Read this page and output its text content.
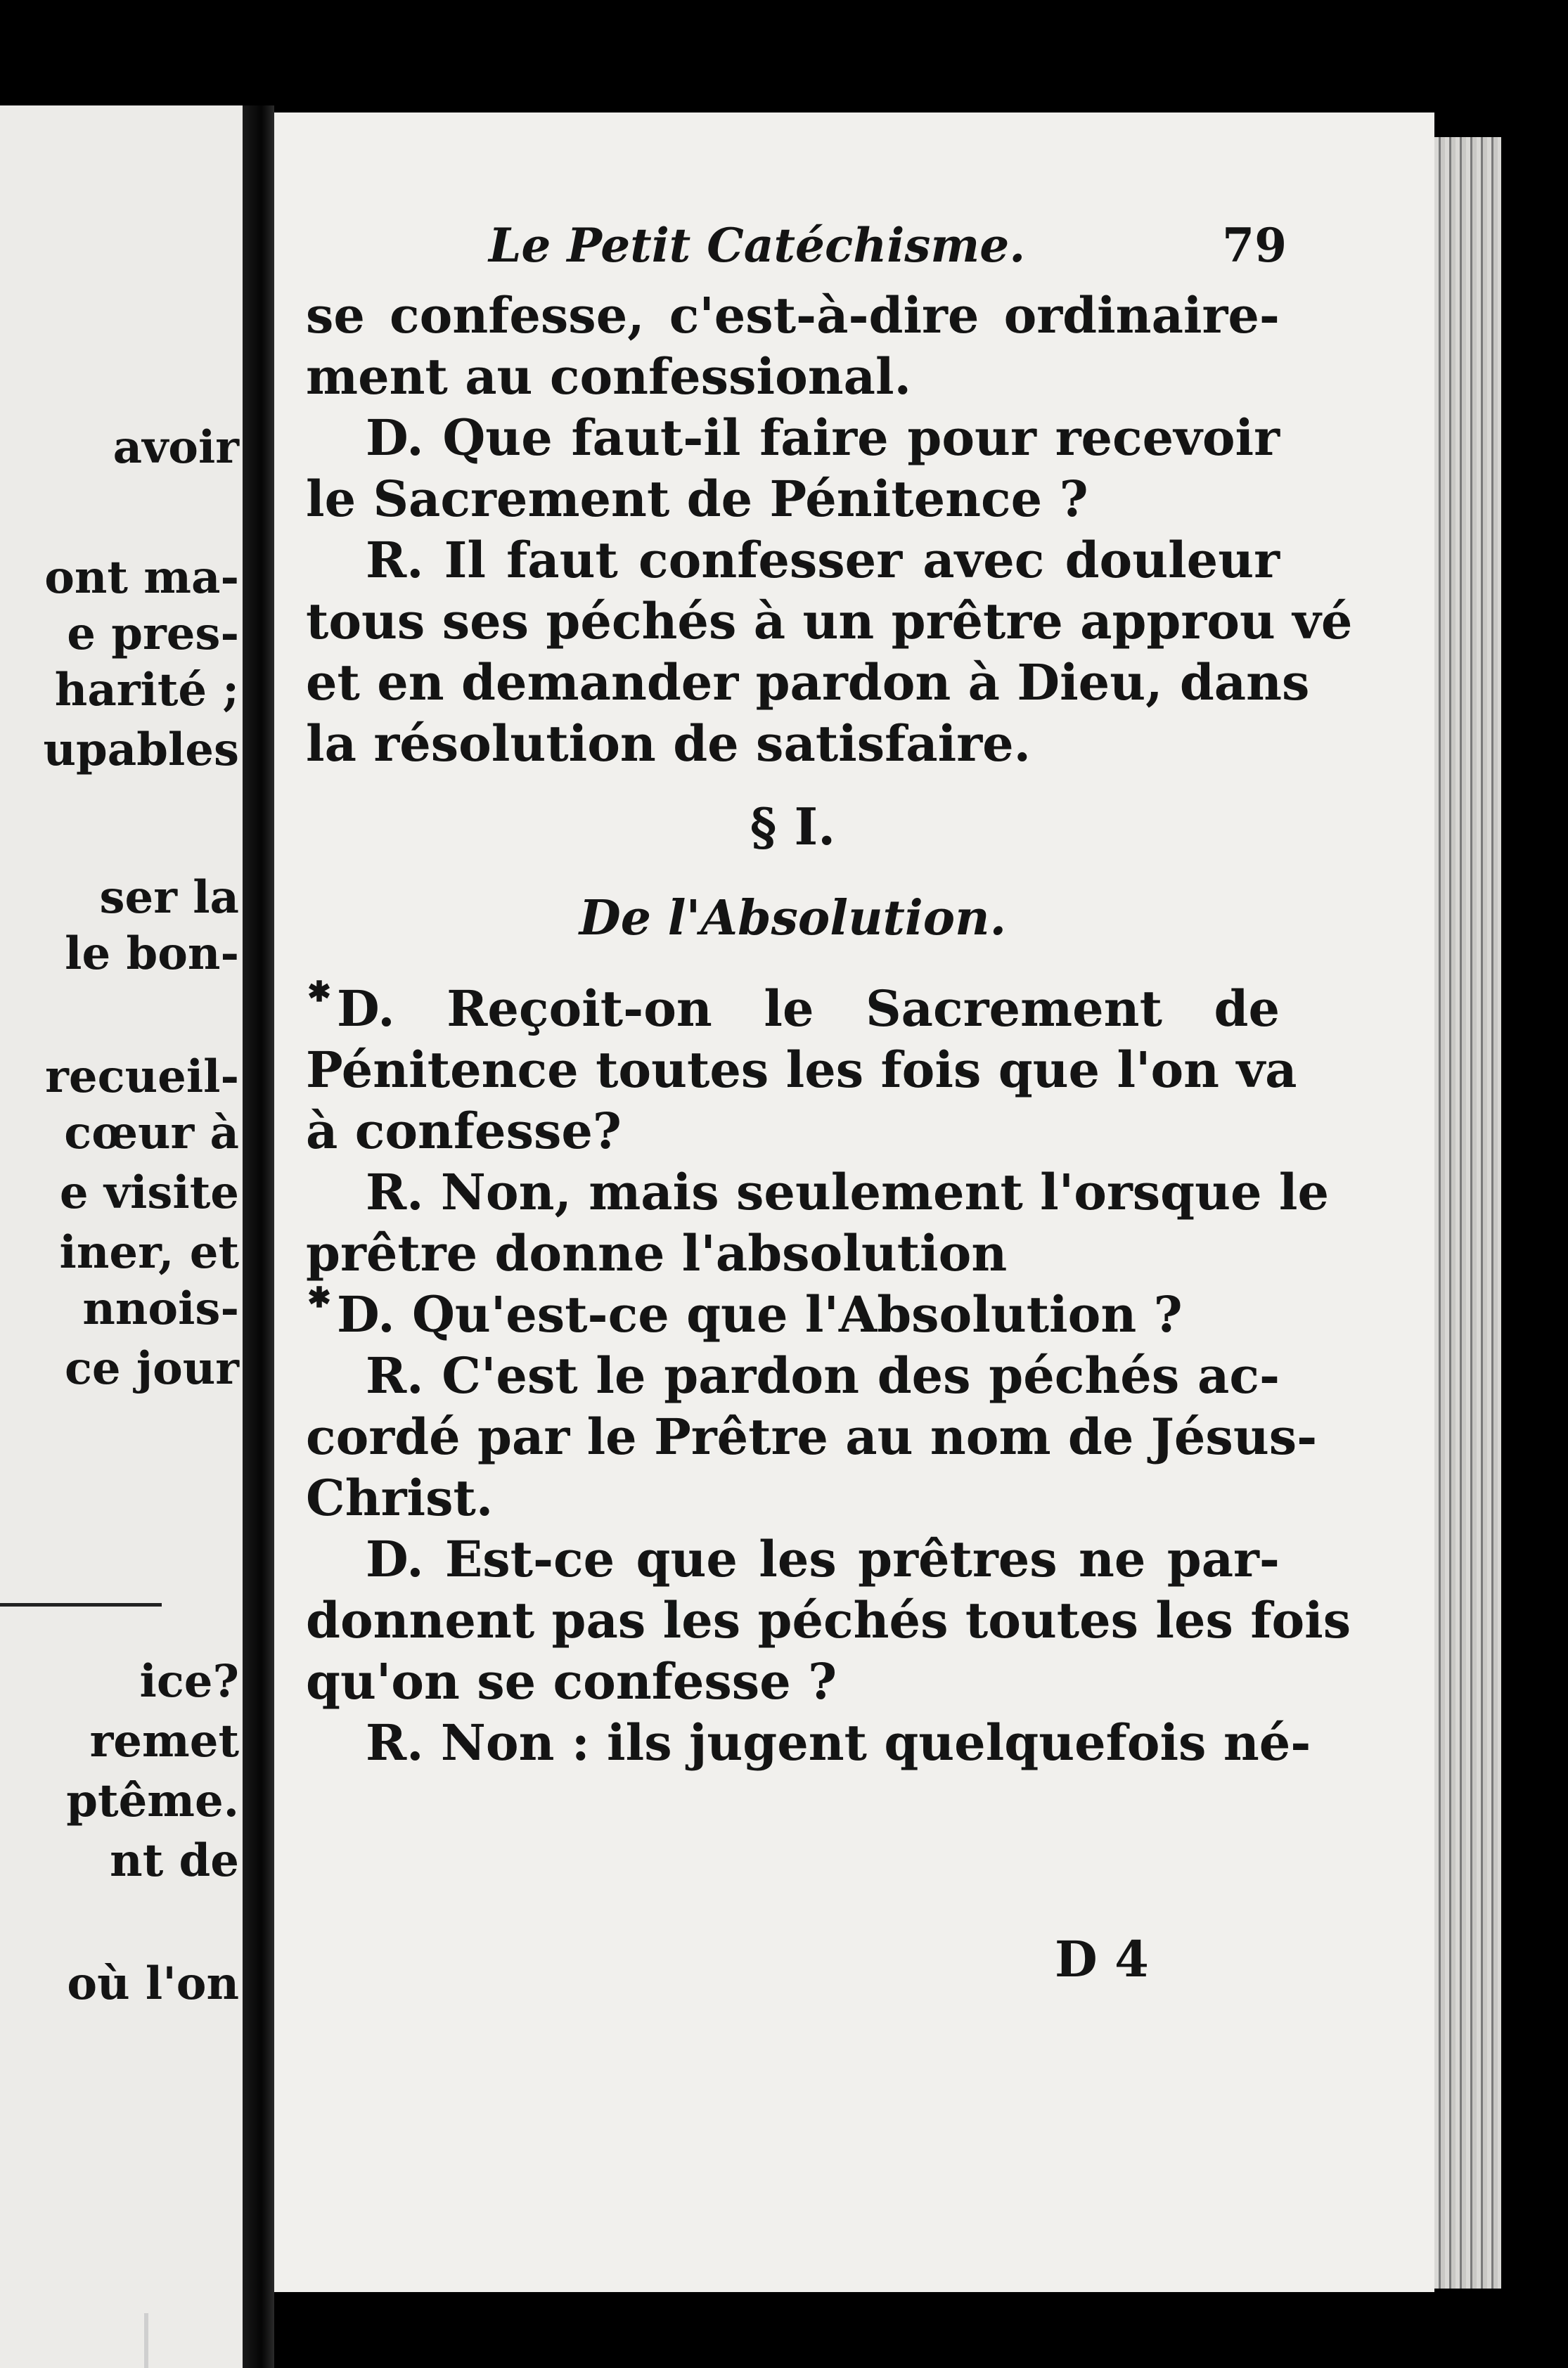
avoir
ont ma-
e pres-
harité ;
upables
ser la
le bon-
recueil-
cœur à
e visite
iner, et
nnois-
ce jour
ice?
remet
ptême.
nt de
où l'on
Le Petit Catéchisme.	79
se confesse, c'est-à-dire ordinaire-
ment au confessional.
D. Que faut-il faire pour recevoir
le Sacrement de Pénitence ?
R. Il faut confesser avec douleur
tous ses péchés à un prêtre approu vé
et en demander pardon à Dieu, dans
la résolution de satisfaire.
§ I.
De l'Absolution.
✱ D. Reçoit-on le Sacrement de
Pénitence toutes les fois que l'on va
à confesse?
R. Non, mais seulement l'orsque le
prêtre donne l'absolution
✱ D. Qu'est-ce que l'Absolution ?
R. C'est le pardon des péchés ac-
cordé par le Prêtre au nom de Jésus-
Christ.
D. Est-ce que les prêtres ne par-
donnent pas les péchés toutes les fois
qu'on se confesse ?
R. Non : ils jugent quelquefois né-
D 4
